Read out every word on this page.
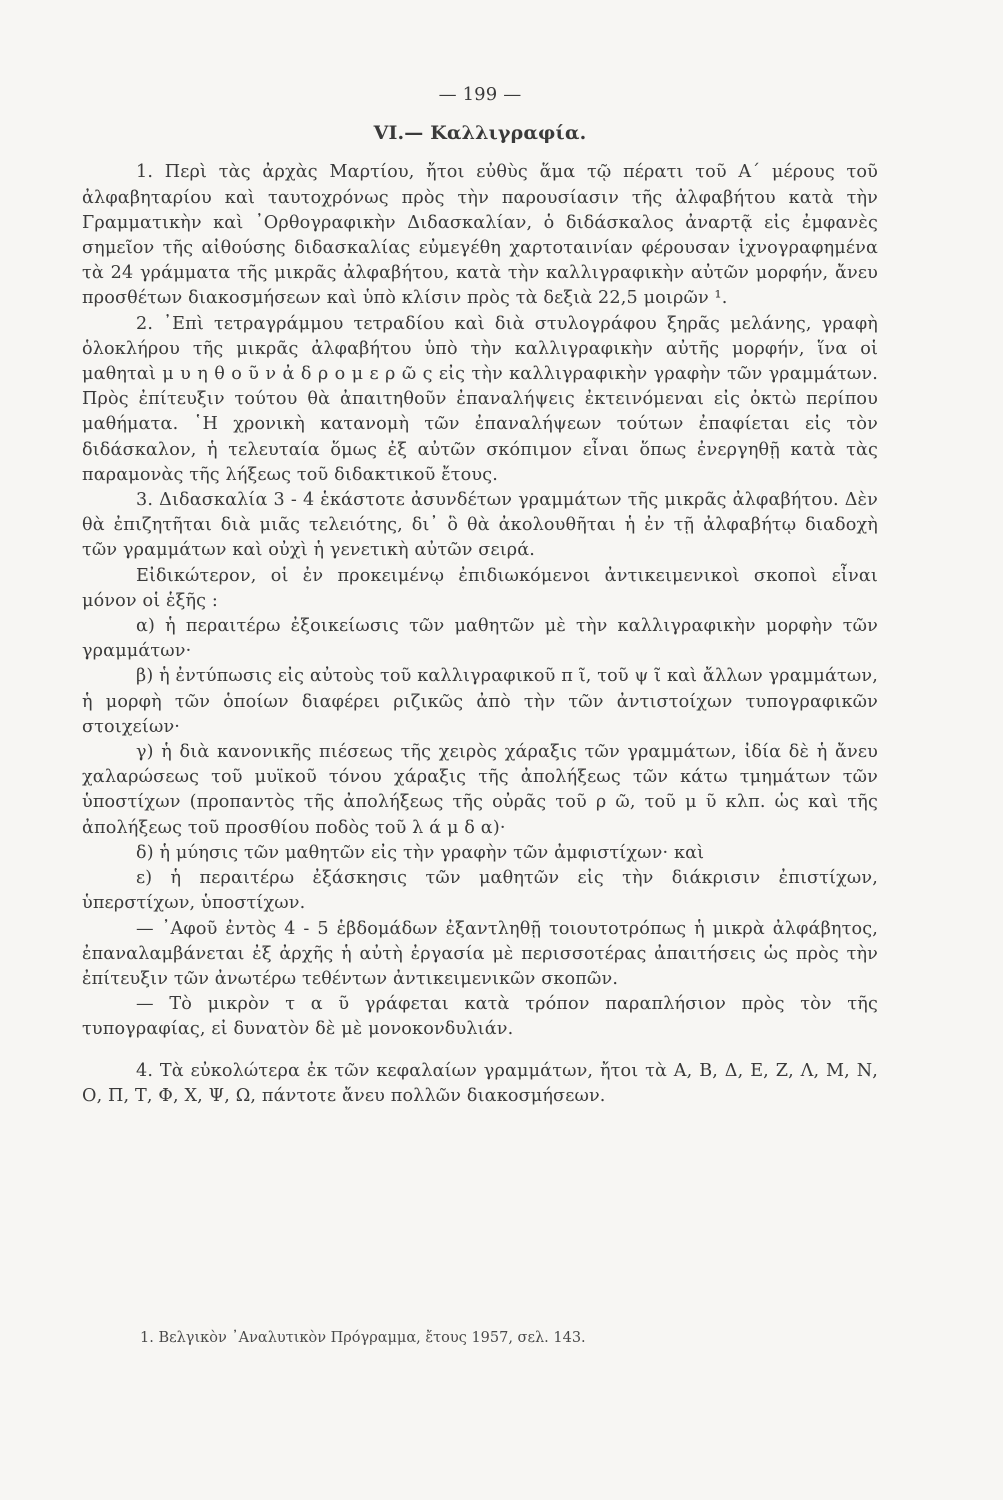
— 199 —
VI.— Καλλιγραφία.

1. Περὶ τὰς ἀρχὰς Μαρτίου, ἤτοι εὐθὺς ἅμα τῷ πέρατι τοῦ Α΄ μέρους τοῦ ἀλφαβηταρίου καὶ ταυτοχρόνως πρὸς τὴν παρουσίασιν τῆς ἀλφαβήτου κατὰ τὴν Γραμματικὴν καὶ ᾿Ορθογραφικὴν Διδασκαλίαν, ὁ διδάσκαλος ἀναρτᾷ εἰς ἐμφανὲς σημεῖον τῆς αἰθούσης διδασκαλίας εὐμεγέθη χαρτοταινίαν φέρουσαν ἰχνογραφημένα τὰ 24 γράμματα τῆς μικρᾶς ἀλφαβήτου, κατὰ τὴν καλλιγραφικὴν αὐτῶν μορφήν, ἄνευ προσθέτων διακοσμήσεων καὶ ὑπὸ κλίσιν πρὸς τὰ δεξιὰ 22,5 μοιρῶν ¹.

2. ᾿Επὶ τετραγράμμου τετραδίου καὶ διὰ στυλογράφου ξηρᾶς μελάνης, γραφὴ ὁλοκλήρου τῆς μικρᾶς ἀλφαβήτου ὑπὸ τὴν καλλιγραφικὴν αὐτῆς μορφήν, ἵνα οἱ μαθηταὶ μ υ η θ ο ῦ ν ἀ δ ρ ο μ ε ρ ῶ ς εἰς τὴν καλλιγραφικὴν γραφὴν τῶν γραμμάτων. Πρὸς ἐπίτευξιν τούτου θὰ ἀπαιτηθοῦν ἐπαναλήψεις ἐκτεινόμεναι εἰς ὀκτὼ περίπου μαθήματα. ῾Η χρονικὴ κατανομὴ τῶν ἐπαναλήψεων τούτων ἐπαφίεται εἰς τὸν διδάσκαλον, ἡ τελευταία ὅμως ἐξ αὐτῶν σκόπιμον εἶναι ὅπως ἐνεργηθῇ κατὰ τὰς παραμονὰς τῆς λήξεως τοῦ διδακτικοῦ ἔτους.

3. Διδασκαλία 3 - 4 ἑκάστοτε ἀσυνδέτων γραμμάτων τῆς μικρᾶς ἀλφαβήτου. Δὲν θὰ ἐπιζητῆται διὰ μιᾶς τελειότης, δι᾽ ὃ θὰ ἀκολουθῆται ἡ ἐν τῇ ἀλφαβήτῳ διαδοχὴ τῶν γραμμάτων καὶ οὐχὶ ἡ γενετικὴ αὐτῶν σειρά.

Εἰδικώτερον, οἱ ἐν προκειμένῳ ἐπιδιωκόμενοι ἀντικειμενικοὶ σκοποὶ εἶναι μόνον οἱ ἑξῆς :

α) ἡ περαιτέρω ἐξοικείωσις τῶν μαθητῶν μὲ τὴν καλλιγραφικὴν μορφὴν τῶν γραμμάτων·

β) ἡ ἐντύπωσις εἰς αὐτοὺς τοῦ καλλιγραφικοῦ π ῖ, τοῦ ψ ῖ καὶ ἄλλων γραμμάτων, ἡ μορφὴ τῶν ὁποίων διαφέρει ριζικῶς ἀπὸ τὴν τῶν ἀντιστοίχων τυπογραφικῶν στοιχείων·

γ) ἡ διὰ κανονικῆς πιέσεως τῆς χειρὸς χάραξις τῶν γραμμάτων, ἰδία δὲ ἡ ἄνευ χαλαρώσεως τοῦ μυϊκοῦ τόνου χάραξις τῆς ἀπολήξεως τῶν κάτω τμημάτων τῶν ὑποστίχων (προπαντὸς τῆς ἀπολήξεως τῆς οὐρᾶς τοῦ ρ ῶ, τοῦ μ ῦ κλπ. ὡς καὶ τῆς ἀπολήξεως τοῦ προσθίου ποδὸς τοῦ λ ά μ δ α)·

δ) ἡ μύησις τῶν μαθητῶν εἰς τὴν γραφὴν τῶν ἀμφιστίχων· καὶ

ε) ἡ περαιτέρω ἐξάσκησις τῶν μαθητῶν εἰς τὴν διάκρισιν ἐπιστίχων, ὑπερστίχων, ὑποστίχων.

— ᾿Αφοῦ ἐντὸς 4 - 5 ἑβδομάδων ἐξαντληθῇ τοιουτοτρόπως ἡ μικρὰ ἀλφάβητος, ἐπαναλαμβάνεται ἐξ ἀρχῆς ἡ αὐτὴ ἐργασία μὲ περισσοτέρας ἀπαιτήσεις ὡς πρὸς τὴν ἐπίτευξιν τῶν ἀνωτέρω τεθέντων ἀντικειμενικῶν σκοπῶν.

— Τὸ μικρὸν τ α ῦ γράφεται κατὰ τρόπον παραπλήσιον πρὸς τὸν τῆς τυπογραφίας, εἰ δυνατὸν δὲ μὲ μονοκονδυλιάν.

4. Τὰ εὐκολώτερα ἐκ τῶν κεφαλαίων γραμμάτων, ἤτοι τὰ Α, Β, Δ, Ε, Ζ, Λ, Μ, Ν, Ο, Π, Τ, Φ, Χ, Ψ, Ω, πάντοτε ἄνευ πολλῶν διακοσμήσεων.

1. Βελγικὸν ᾿Αναλυτικὸν Πρόγραμμα, ἔτους 1957, σελ. 143.
